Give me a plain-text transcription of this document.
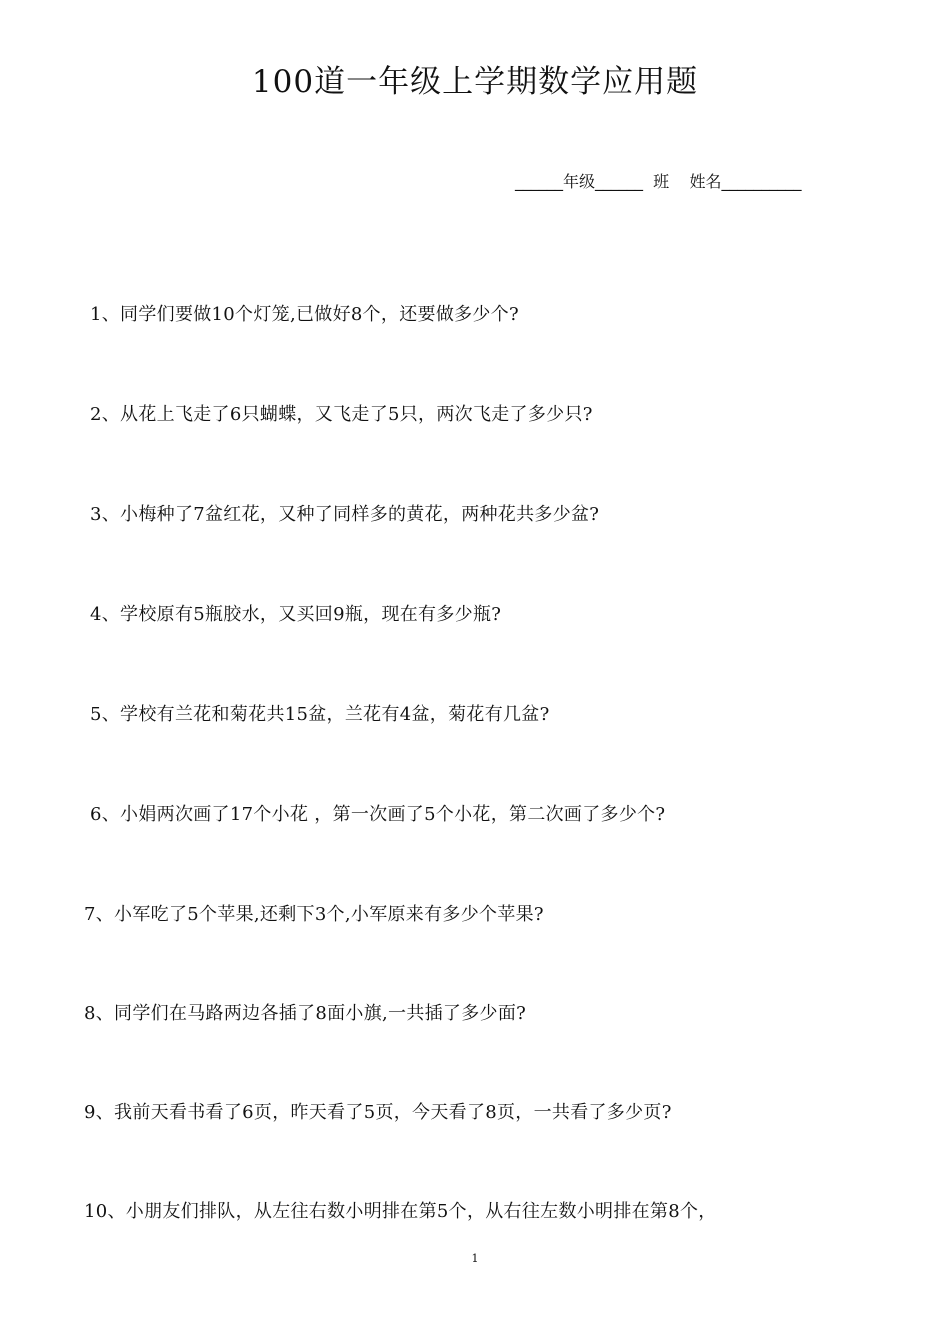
100道一年级上学期数学应用题
______年级______  班    姓名__________
1、同学们要做10个灯笼,已做好8个，还要做多少个?
2、从花上飞走了6只蝴蝶，又飞走了5只，两次飞走了多少只?
3、小梅种了7盆红花，又种了同样多的黄花，两种花共多少盆?
4、学校原有5瓶胶水，又买回9瓶，现在有多少瓶?
5、学校有兰花和菊花共15盆，兰花有4盆，菊花有几盆?
6、小娟两次画了17个小花 ，第一次画了5个小花，第二次画了多少个?
7、小军吃了5个苹果,还剩下3个,小军原来有多少个苹果?
8、同学们在马路两边各插了8面小旗,一共插了多少面?
9、我前天看书看了6页，昨天看了5页，今天看了8页，一共看了多少页?
10、小朋友们排队，从左往右数小明排在第5个，从右往左数小明排在第8个，
1
